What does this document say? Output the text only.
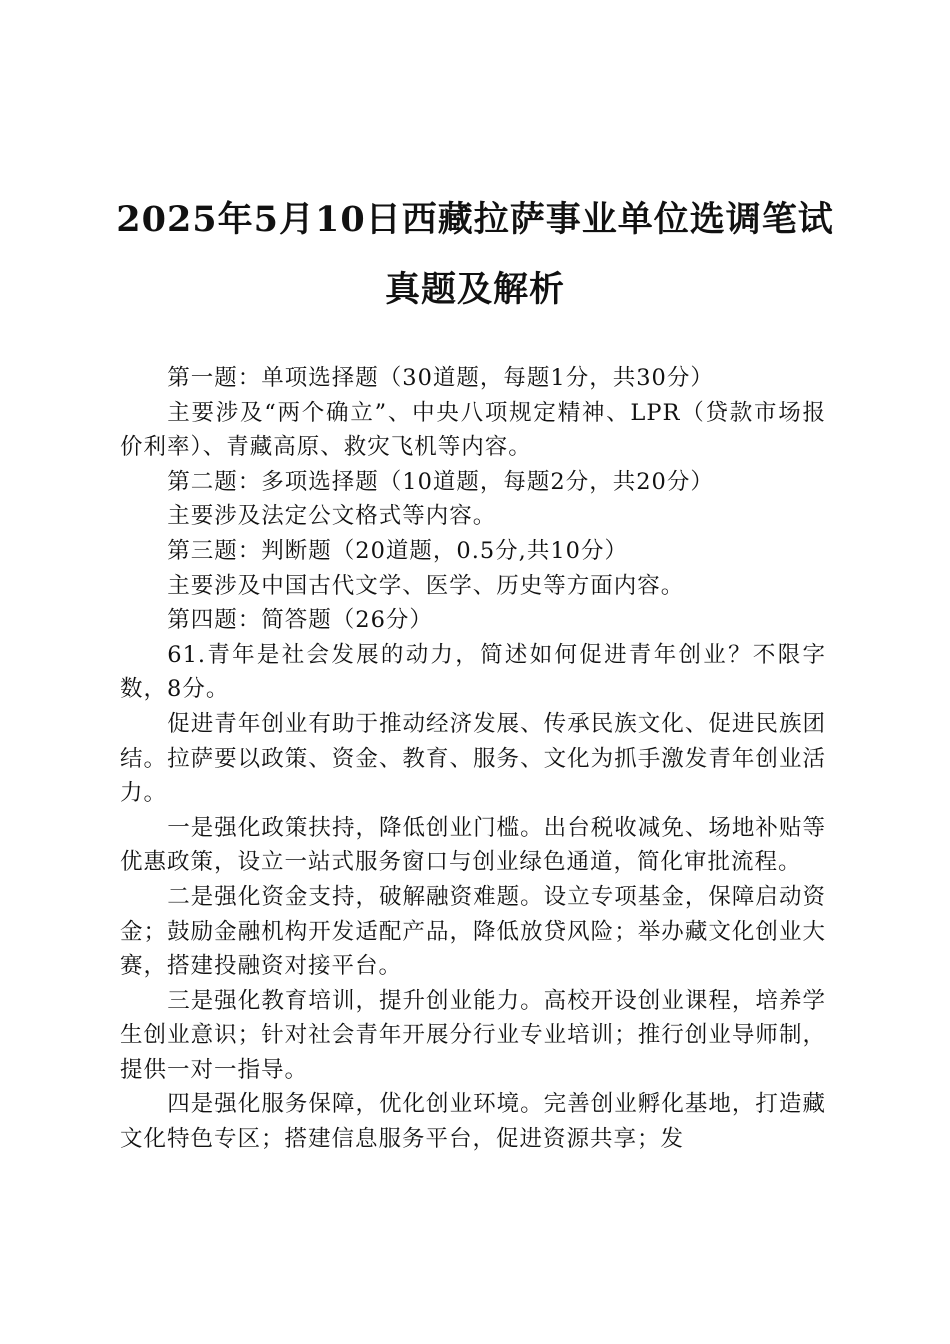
2025年5月10日西藏拉萨事业单位选调笔试
真题及解析

第一题：单项选择题（30道题，每题1分，共30分）

主要涉及“两个确立”、中央八项规定精神、LPR（贷款市场报价利率）、青藏高原、救灾飞机等内容。

第二题：多项选择题（10道题，每题2分，共20分）

主要涉及法定公文格式等内容。

第三题：判断题（20道题，0.5分,共10分）

主要涉及中国古代文学、医学、历史等方面内容。

第四题：简答题（26分）

61.青年是社会发展的动力，简述如何促进青年创业？不限字数，8分。

促进青年创业有助于推动经济发展、传承民族文化、促进民族团结。拉萨要以政策、资金、教育、服务、文化为抓手激发青年创业活力。

一是强化政策扶持，降低创业门槛。出台税收减免、场地补贴等优惠政策，设立一站式服务窗口与创业绿色通道，简化审批流程。

二是强化资金支持，破解融资难题。设立专项基金，保障启动资金；鼓励金融机构开发适配产品，降低放贷风险；举办藏文化创业大赛，搭建投融资对接平台。

三是强化教育培训，提升创业能力。高校开设创业课程，培养学生创业意识；针对社会青年开展分行业专业培训；推行创业导师制，提供一对一指导。

四是强化服务保障，优化创业环境。完善创业孵化基地，打造藏文化特色专区；搭建信息服务平台，促进资源共享；发
